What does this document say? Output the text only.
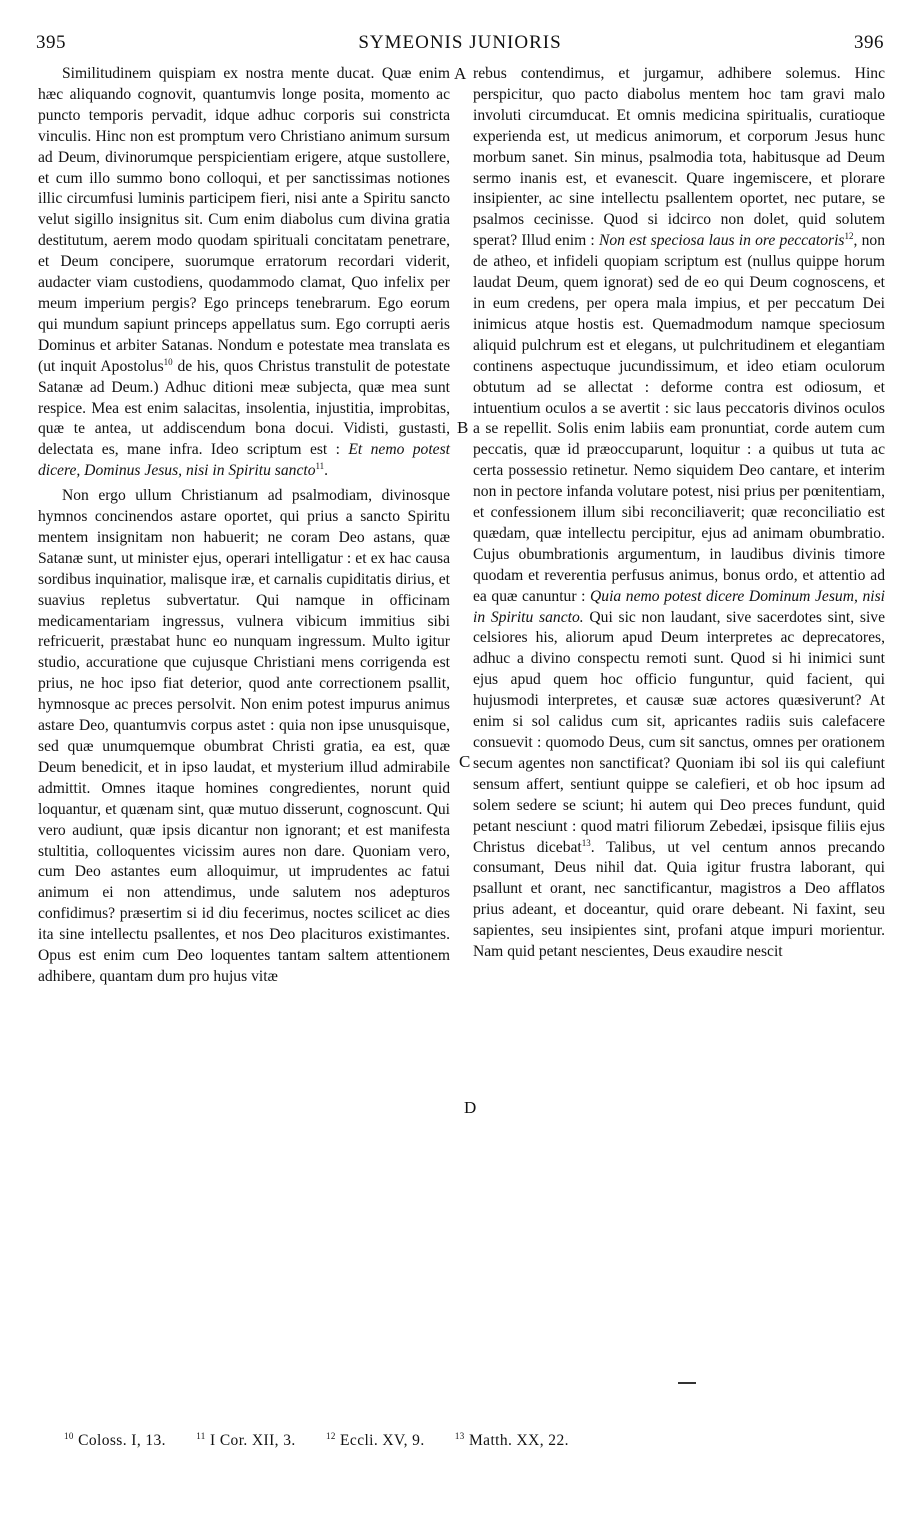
395	SYMEONIS JUNIORIS	396

Similitudinem quispiam ex nostra mente ducat. Quæ enim hæc aliquando cognovit, quantumvis longe posita, momento ac puncto temporis pervadit, idque adhuc corporis sui constricta vinculis. Hinc non est promptum vero Christiano animum sursum ad Deum, divinorumque perspicientiam erigere, atque sustollere, et cum illo summo bono colloqui, et per sanctissimas notiones illic circumfusi luminis participem fieri, nisi ante a Spiritu sancto velut sigillo insignitus sit. Cum enim diabolus cum divina gratia destitutum, aerem modo quodam spirituali concitatam penetrare, et Deum concipere, suorumque erratorum recordari viderit, audacter viam custodiens, quodammodo clamat, Quo infelix per meum imperium pergis? Ego princeps tenebrarum. Ego eorum qui mundum sapiunt princeps appellatus sum. Ego corrupti aeris Dominus et arbiter Satanas. Nondum e potestate mea translata es (ut inquit Apostolus$^{10}$ de his, quos Christus transtulit de potestate Satanæ ad Deum.) Adhuc ditioni meæ subjecta, quæ mea sunt respice. Mea est enim salacitas, insolentia, injustitia, improbitas, quæ te antea, ut addiscendum bona docui. Vidisti, gustasti, delectata es, mane infra. Ideo scriptum est : Et nemo potest dicere, Dominus Jesus, nisi in Spiritu sancto$^{11}$.

Non ergo ullum Christianum ad psalmodiam, divinosque hymnos concinendos astare oportet, qui prius a sancto Spiritu mentem insignitam non habuerit; ne coram Deo astans, quæ Satanæ sunt, ut minister ejus, operari intelligatur : et ex hac causa sordibus inquinatior, malisque iræ, et carnalis cupiditatis dirius, et suavius repletus subvertatur. Qui namque in officinam medicamentariam ingressus, vulnera vibicum immitius sibi refricuerit, præstabat hunc eo nunquam ingressum. Multo igitur studio, accuratione que cujusque Christiani mens corrigenda est prius, ne hoc ipso fiat deterior, quod ante correctionem psallit, hymnosque ac preces persolvit. Non enim potest impurus animus astare Deo, quantumvis corpus astet : quia non ipse unusquisque, sed quæ unumquemque obumbrat Christi gratia, ea est, quæ Deum benedicit, et in ipso laudat, et mysterium illud admirabile admittit. Omnes itaque homines congredientes, norunt quid loquantur, et quænam sint, quæ mutuo disserunt, cognoscunt. Qui vero audiunt, quæ ipsis dicantur non ignorant; et est manifesta stultitia, colloquentes vicissim aures non dare. Quoniam vero, cum Deo astantes eum alloquimur, ut imprudentes ac fatui animum ei non attendimus, unde salutem nos adepturos confidimus? præsertim si id diu fecerimus, noctes scilicet ac dies ita sine intellectu psallentes, et nos Deo placituros existimantes. Opus est enim cum Deo loquentes tantam saltem attentionem adhibere, quantam dum pro hujus vitæ

A
B
C
D

rebus contendimus, et jurgamur, adhibere solemus. Hinc perspicitur, quo pacto diabolus mentem hoc tam gravi malo involuti circumducat. Et omnis medicina spiritualis, curatioque experienda est, ut medicus animorum, et corporum Jesus hunc morbum sanet. Sin minus, psalmodia tota, habitusque ad Deum sermo inanis est, et evanescit. Quare ingemiscere, et plorare insipienter, ac sine intellectu psallentem oportet, nec putare, se psalmos cecinisse. Quod si idcirco non dolet, quid solutem sperat? Illud enim : Non est speciosa laus in ore peccatoris$^{12}$, non de atheo, et infideli quopiam scriptum est (nullus quippe horum laudat Deum, quem ignorat) sed de eo qui Deum cognoscens, et in eum credens, per opera mala impius, et per peccatum Dei inimicus atque hostis est. Quemadmodum namque speciosum aliquid pulchrum est et elegans, ut pulchritudinem et elegantiam continens aspectuque jucundissimum, et ideo etiam oculorum obtutum ad se allectat : deforme contra est odiosum, et intuentium oculos a se avertit : sic laus peccatoris divinos oculos a se repellit. Solis enim labiis eam pronuntiat, corde autem cum peccatis, quæ id præoccuparunt, loquitur : a quibus ut tuta ac certa possessio retinetur. Nemo siquidem Deo cantare, et interim non in pectore infanda volutare potest, nisi prius per pœnitentiam, et confessionem illum sibi reconciliaverit; quæ reconciliatio est quædam, quæ intellectu percipitur, ejus ad animam obumbratio. Cujus obumbrationis argumentum, in laudibus divinis timore quodam et reverentia perfusus animus, bonus ordo, et attentio ad ea quæ canuntur : Quia nemo potest dicere Dominum Jesum, nisi in Spiritu sancto. Qui sic non laudant, sive sacerdotes sint, sive celsiores his, aliorum apud Deum interpretes ac deprecatores, adhuc a divino conspectu remoti sunt. Quod si hi inimici sunt ejus apud quem hoc officio funguntur, quid facient, qui hujusmodi interpretes, et causæ suæ actores quæsiverunt? At enim si sol calidus cum sit, apricantes radiis suis calefacere consuevit : quomodo Deus, cum sit sanctus, omnes per orationem secum agentes non sanctificat? Quoniam ibi sol iis qui calefiunt sensum affert, sentiunt quippe se calefieri, et ob hoc ipsum ad solem sedere se sciunt; hi autem qui Deo preces fundunt, quid petant nesciunt : quod matri filiorum Zebedæi, ipsisque filiis ejus Christus dicebat$^{13}$. Talibus, ut vel centum annos precando consumant, Deus nihil dat. Quia igitur frustra laborant, qui psallunt et orant, nec sanctificantur, magistros a Deo afflatos prius adeant, et doceantur, quid orare debeant. Ni faxint, seu sapientes, seu insipientes sint, profani atque impuri morientur. Nam quid petant nescientes, Deus exaudire nescit

$^{10}$ Coloss. I, 13.	$^{11}$ I Cor. XII, 3.	$^{12}$ Eccli. XV, 9.	$^{13}$ Matth. XX, 22.
